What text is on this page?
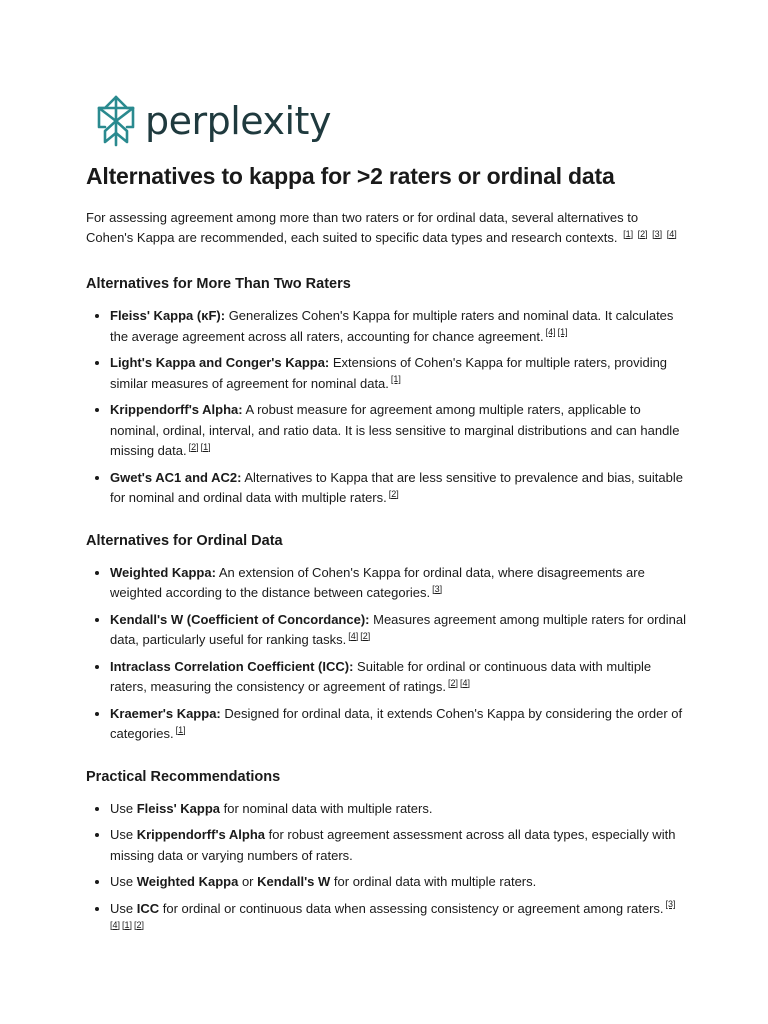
perplexity
Alternatives to kappa for >2 raters or ordinal data

For assessing agreement among more than two raters or for ordinal data, several alternatives to Cohen's Kappa are recommended, each suited to specific data types and research contexts. [1] [2] [3] [4]

Alternatives for More Than Two Raters
• Fleiss' Kappa (κF): Generalizes Cohen's Kappa for multiple raters and nominal data. It calculates the average agreement across all raters, accounting for chance agreement. [4] [1]
• Light's Kappa and Conger's Kappa: Extensions of Cohen's Kappa for multiple raters, providing similar measures of agreement for nominal data. [1]
• Krippendorff's Alpha: A robust measure for agreement among multiple raters, applicable to nominal, ordinal, interval, and ratio data. It is less sensitive to marginal distributions and can handle missing data. [2] [1]
• Gwet's AC1 and AC2: Alternatives to Kappa that are less sensitive to prevalence and bias, suitable for nominal and ordinal data with multiple raters. [2]
Alternatives for Ordinal Data
• Weighted Kappa: An extension of Cohen's Kappa for ordinal data, where disagreements are weighted according to the distance between categories. [3]
• Kendall's W (Coefficient of Concordance): Measures agreement among multiple raters for ordinal data, particularly useful for ranking tasks. [4] [2]
• Intraclass Correlation Coefficient (ICC): Suitable for ordinal or continuous data with multiple raters, measuring the consistency or agreement of ratings. [2] [4]
• Kraemer's Kappa: Designed for ordinal data, it extends Cohen's Kappa by considering the order of categories. [1]
Practical Recommendations
• Use Fleiss' Kappa for nominal data with multiple raters.
• Use Krippendorff's Alpha for robust agreement assessment across all data types, especially with missing data or varying numbers of raters.
• Use Weighted Kappa or Kendall's W for ordinal data with multiple raters.
• Use ICC for ordinal or continuous data when assessing consistency or agreement among raters. [3][4] [1] [2]
